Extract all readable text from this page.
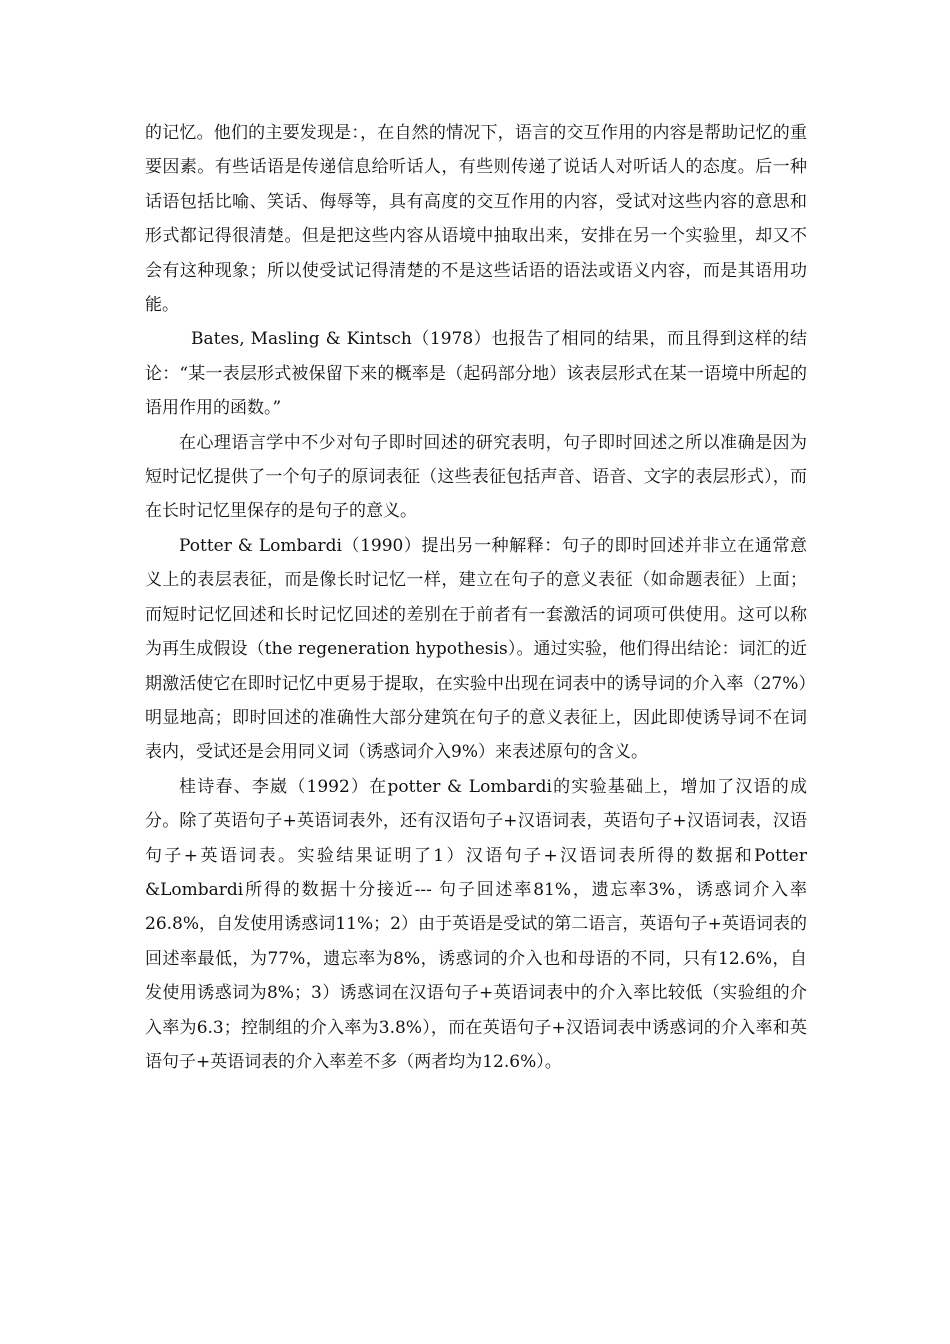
的记忆。他们的主要发现是：，在自然的情况下，语言的交互作用的内容是帮助记忆的重要因素。有些话语是传递信息给听话人，有些则传递了说话人对听话人的态度。后一种话语包括比喻、笑话、侮辱等，具有高度的交互作用的内容，受试对这些内容的意思和形式都记得很清楚。但是把这些内容从语境中抽取出来，安排在另一个实验里，却又不会有这种现象；所以使受试记得清楚的不是这些话语的语法或语义内容，而是其语用功能。

Bates, Masling & Kintsch（1978）也报告了相同的结果，而且得到这样的结论：“某一表层形式被保留下来的概率是（起码部分地）该表层形式在某一语境中所起的语用作用的函数。”

在心理语言学中不少对句子即时回述的研究表明，句子即时回述之所以准确是因为短时记忆提供了一个句子的原词表征（这些表征包括声音、语音、文字的表层形式），而在长时记忆里保存的是句子的意义。

Potter & Lombardi（1990）提出另一种解释：句子的即时回述并非立在通常意义上的表层表征，而是像长时记忆一样，建立在句子的意义表征（如命题表征）上面；而短时记忆回述和长时记忆回述的差别在于前者有一套激活的词项可供使用。这可以称为再生成假设（the regeneration hypothesis）。通过实验，他们得出结论：词汇的近期激活使它在即时记忆中更易于提取，在实验中出现在词表中的诱导词的介入率（27%）明显地高；即时回述的准确性大部分建筑在句子的意义表征上，因此即使诱导词不在词表内，受试还是会用同义词（诱惑词介入9%）来表述原句的含义。

桂诗春、李崴（1992）在potter & Lombardi的实验基础上，增加了汉语的成分。除了英语句子+英语词表外，还有汉语句子+汉语词表，英语句子+汉语词表，汉语句子+英语词表。实验结果证明了1）汉语句子+汉语词表所得的数据和Potter &Lombardi所得的数据十分接近--- 句子回述率81%，遗忘率3%，诱惑词介入率26.8%，自发使用诱惑词11%；2）由于英语是受试的第二语言，英语句子+英语词表的回述率最低，为77%，遗忘率为8%，诱惑词的介入也和母语的不同，只有12.6%，自发使用诱惑词为8%；3）诱惑词在汉语句子+英语词表中的介入率比较低（实验组的介入率为6.3；控制组的介入率为3.8%），而在英语句子+汉语词表中诱惑词的介入率和英语句子+英语词表的介入率差不多（两者均为12.6%）。
